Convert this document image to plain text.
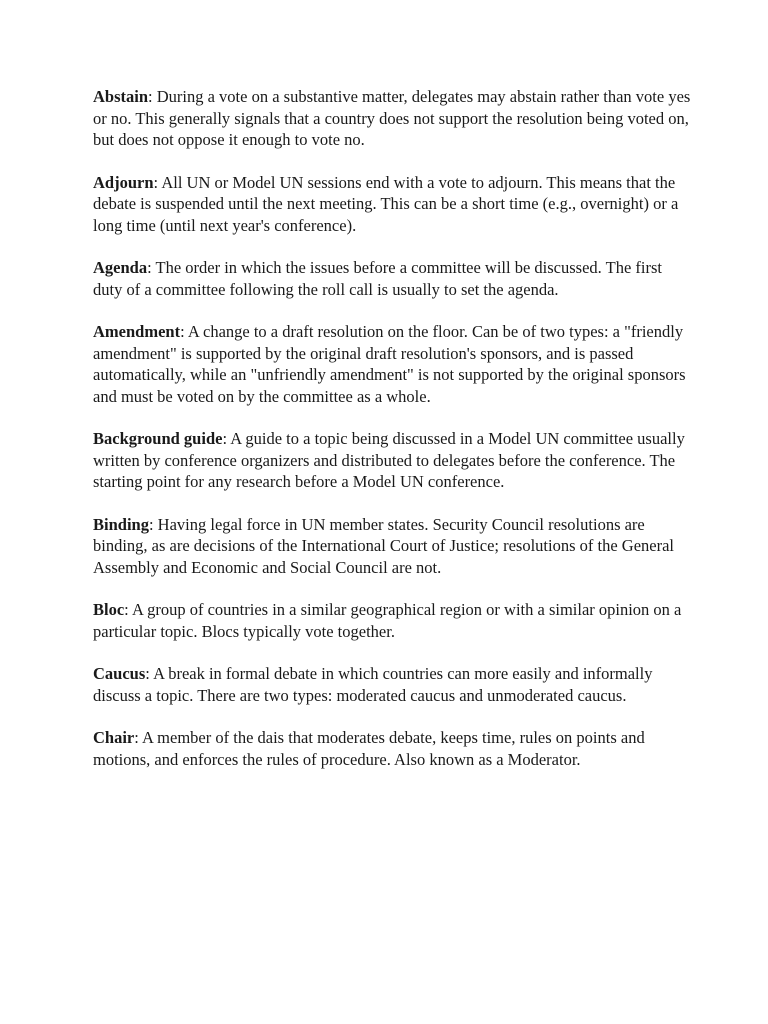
Abstain: During a vote on a substantive matter, delegates may abstain rather than vote yes or no. This generally signals that a country does not support the resolution being voted on, but does not oppose it enough to vote no.

Adjourn: All UN or Model UN sessions end with a vote to adjourn. This means that the debate is suspended until the next meeting. This can be a short time (e.g., overnight) or a long time (until next year's conference).

Agenda: The order in which the issues before a committee will be discussed. The first duty of a committee following the roll call is usually to set the agenda.

Amendment: A change to a draft resolution on the floor. Can be of two types: a "friendly amendment" is supported by the original draft resolution's sponsors, and is passed automatically, while an "unfriendly amendment" is not supported by the original sponsors and must be voted on by the committee as a whole.

Background guide: A guide to a topic being discussed in a Model UN committee usually written by conference organizers and distributed to delegates before the conference. The starting point for any research before a Model UN conference.

Binding: Having legal force in UN member states. Security Council resolutions are binding, as are decisions of the International Court of Justice; resolutions of the General Assembly and Economic and Social Council are not.

Bloc: A group of countries in a similar geographical region or with a similar opinion on a particular topic. Blocs typically vote together.

Caucus: A break in formal debate in which countries can more easily and informally discuss a topic. There are two types: moderated caucus and unmoderated caucus.

Chair: A member of the dais that moderates debate, keeps time, rules on points and motions, and enforces the rules of procedure. Also known as a Moderator.
